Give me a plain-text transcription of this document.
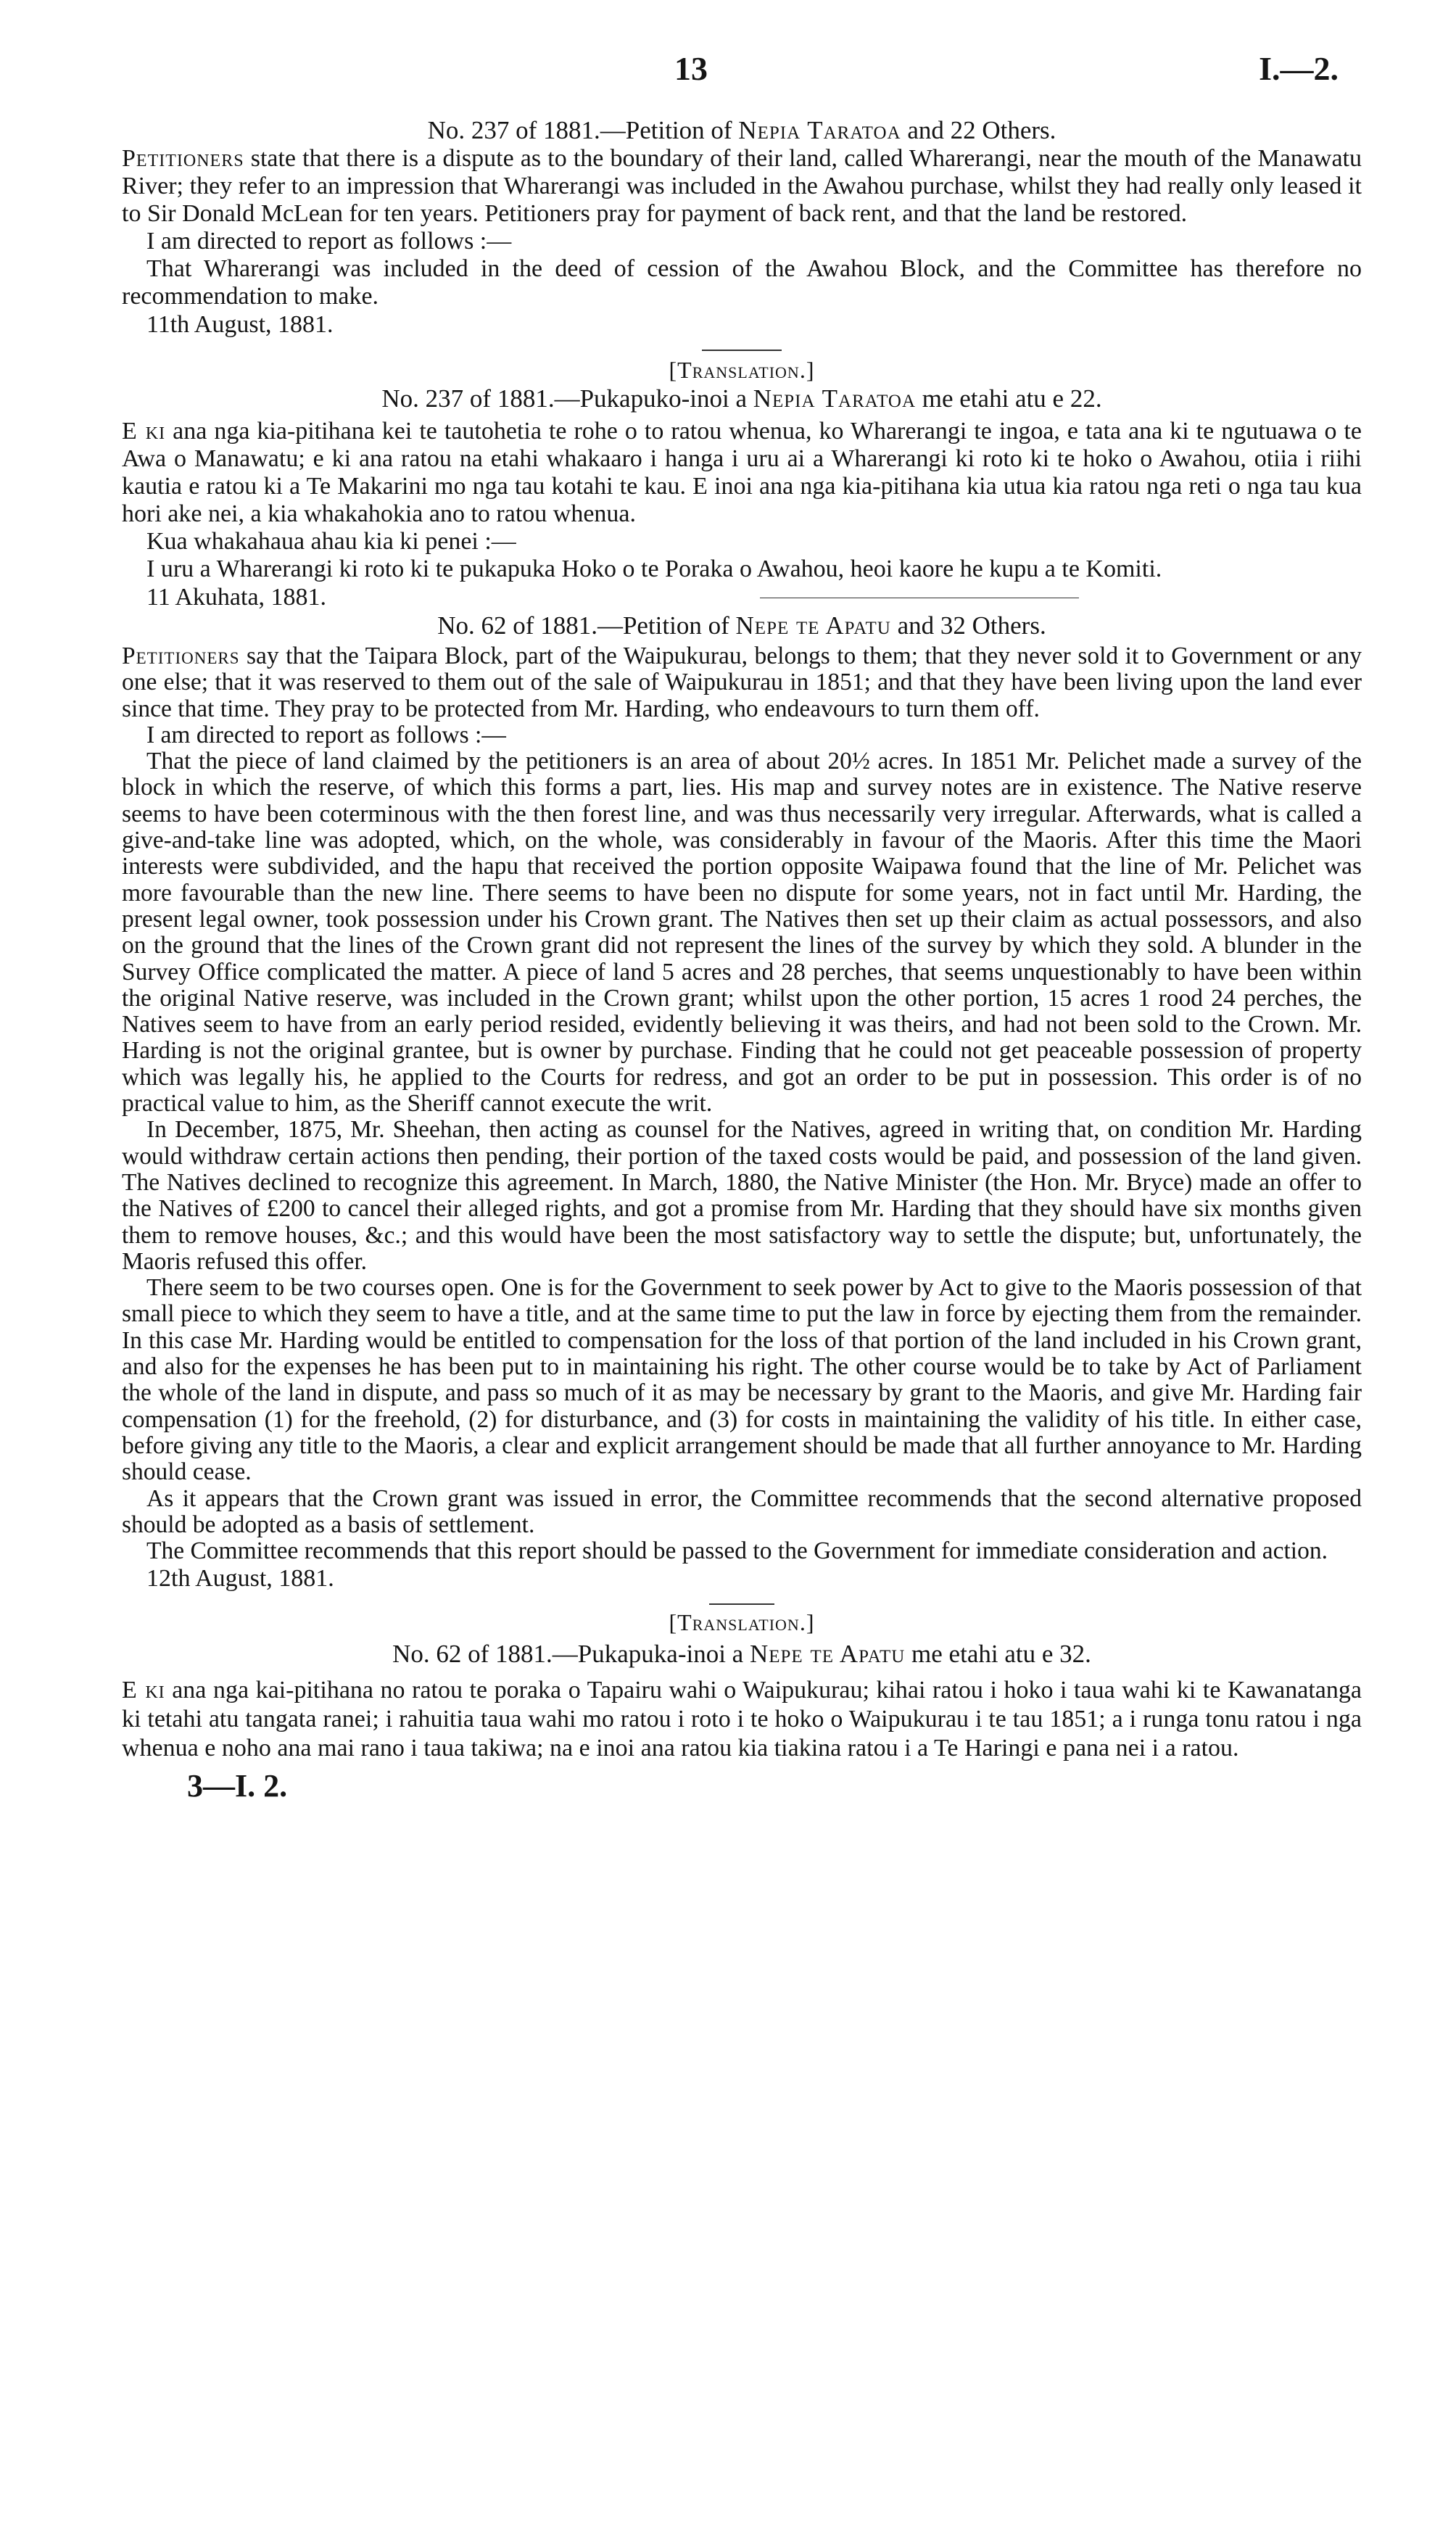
13	I.—2.

No. 237 of 1881.—Petition of Nepia Taratoa and 22 Others.

Petitioners state that there is a dispute as to the boundary of their land, called Wharerangi, near the mouth of the Manawatu River; they refer to an impression that Wharerangi was included in the Awahou purchase, whilst they had really only leased it to Sir Donald McLean for ten years. Petitioners pray for payment of back rent, and that the land be restored.

I am directed to report as follows :—

That Wharerangi was included in the deed of cession of the Awahou Block, and the Committee has therefore no recommendation to make.

11th August, 1881.

[Translation.]

No. 237 of 1881.—Pukapuko-inoi a Nepia Taratoa me etahi atu e 22.

E ki ana nga kia-pitihana kei te tautohetia te rohe o to ratou whenua, ko Wharerangi te ingoa, e tata ana ki te ngutuawa o te Awa o Manawatu; e ki ana ratou na etahi whakaaro i hanga i uru ai a Wharerangi ki roto ki te hoko o Awahou, otiia i riihi kautia e ratou ki a Te Makarini mo nga tau kotahi te kau. E inoi ana nga kia-pitihana kia utua kia ratou nga reti o nga tau kua hori ake nei, a kia whakahokia ano to ratou whenua.

Kua whakahaua ahau kia ki penei :—

I uru a Wharerangi ki roto ki te pukapuka Hoko o te Poraka o Awahou, heoi kaore he kupu a te Komiti.

11 Akuhata, 1881.

No. 62 of 1881.—Petition of Nepe te Apatu and 32 Others.

Petitioners say that the Taipara Block, part of the Waipukurau, belongs to them; that they never sold it to Government or any one else; that it was reserved to them out of the sale of Waipukurau in 1851; and that they have been living upon the land ever since that time. They pray to be protected from Mr. Harding, who endeavours to turn them off.

I am directed to report as follows :—

That the piece of land claimed by the petitioners is an area of about 20½ acres. In 1851 Mr. Pelichet made a survey of the block in which the reserve, of which this forms a part, lies. His map and survey notes are in existence. The Native reserve seems to have been coterminous with the then forest line, and was thus necessarily very irregular. Afterwards, what is called a give-and-take line was adopted, which, on the whole, was considerably in favour of the Maoris. After this time the Maori interests were subdivided, and the hapu that received the portion opposite Waipawa found that the line of Mr. Pelichet was more favourable than the new line. There seems to have been no dispute for some years, not in fact until Mr. Harding, the present legal owner, took possession under his Crown grant. The Natives then set up their claim as actual possessors, and also on the ground that the lines of the Crown grant did not represent the lines of the survey by which they sold. A blunder in the Survey Office complicated the matter. A piece of land 5 acres and 28 perches, that seems unquestionably to have been within the original Native reserve, was included in the Crown grant; whilst upon the other portion, 15 acres 1 rood 24 perches, the Natives seem to have from an early period resided, evidently believing it was theirs, and had not been sold to the Crown. Mr. Harding is not the original grantee, but is owner by purchase. Finding that he could not get peaceable possession of property which was legally his, he applied to the Courts for redress, and got an order to be put in possession. This order is of no practical value to him, as the Sheriff cannot execute the writ.

In December, 1875, Mr. Sheehan, then acting as counsel for the Natives, agreed in writing that, on condition Mr. Harding would withdraw certain actions then pending, their portion of the taxed costs would be paid, and possession of the land given. The Natives declined to recognize this agreement. In March, 1880, the Native Minister (the Hon. Mr. Bryce) made an offer to the Natives of £200 to cancel their alleged rights, and got a promise from Mr. Harding that they should have six months given them to remove houses, &c.; and this would have been the most satisfactory way to settle the dispute; but, unfortunately, the Maoris refused this offer.

There seem to be two courses open. One is for the Government to seek power by Act to give to the Maoris possession of that small piece to which they seem to have a title, and at the same time to put the law in force by ejecting them from the remainder. In this case Mr. Harding would be entitled to compensation for the loss of that portion of the land included in his Crown grant, and also for the expenses he has been put to in maintaining his right. The other course would be to take by Act of Parliament the whole of the land in dispute, and pass so much of it as may be necessary by grant to the Maoris, and give Mr. Harding fair compensation (1) for the freehold, (2) for disturbance, and (3) for costs in maintaining the validity of his title. In either case, before giving any title to the Maoris, a clear and explicit arrangement should be made that all further annoyance to Mr. Harding should cease.

As it appears that the Crown grant was issued in error, the Committee recommends that the second alternative proposed should be adopted as a basis of settlement.

The Committee recommends that this report should be passed to the Government for immediate consideration and action.

12th August, 1881.

[Translation.]

No. 62 of 1881.—Pukapuka-inoi a Nepe te Apatu me etahi atu e 32.

E ki ana nga kai-pitihana no ratou te poraka o Tapairu wahi o Waipukurau; kihai ratou i hoko i taua wahi ki te Kawanatanga ki tetahi atu tangata ranei; i rahuitia taua wahi mo ratou i roto i te hoko o Waipukurau i te tau 1851; a i runga tonu ratou i nga whenua e noho ana mai rano i taua takiwa; na e inoi ana ratou kia tiakina ratou i a Te Haringi e pana nei i a ratou.

3—I. 2.
